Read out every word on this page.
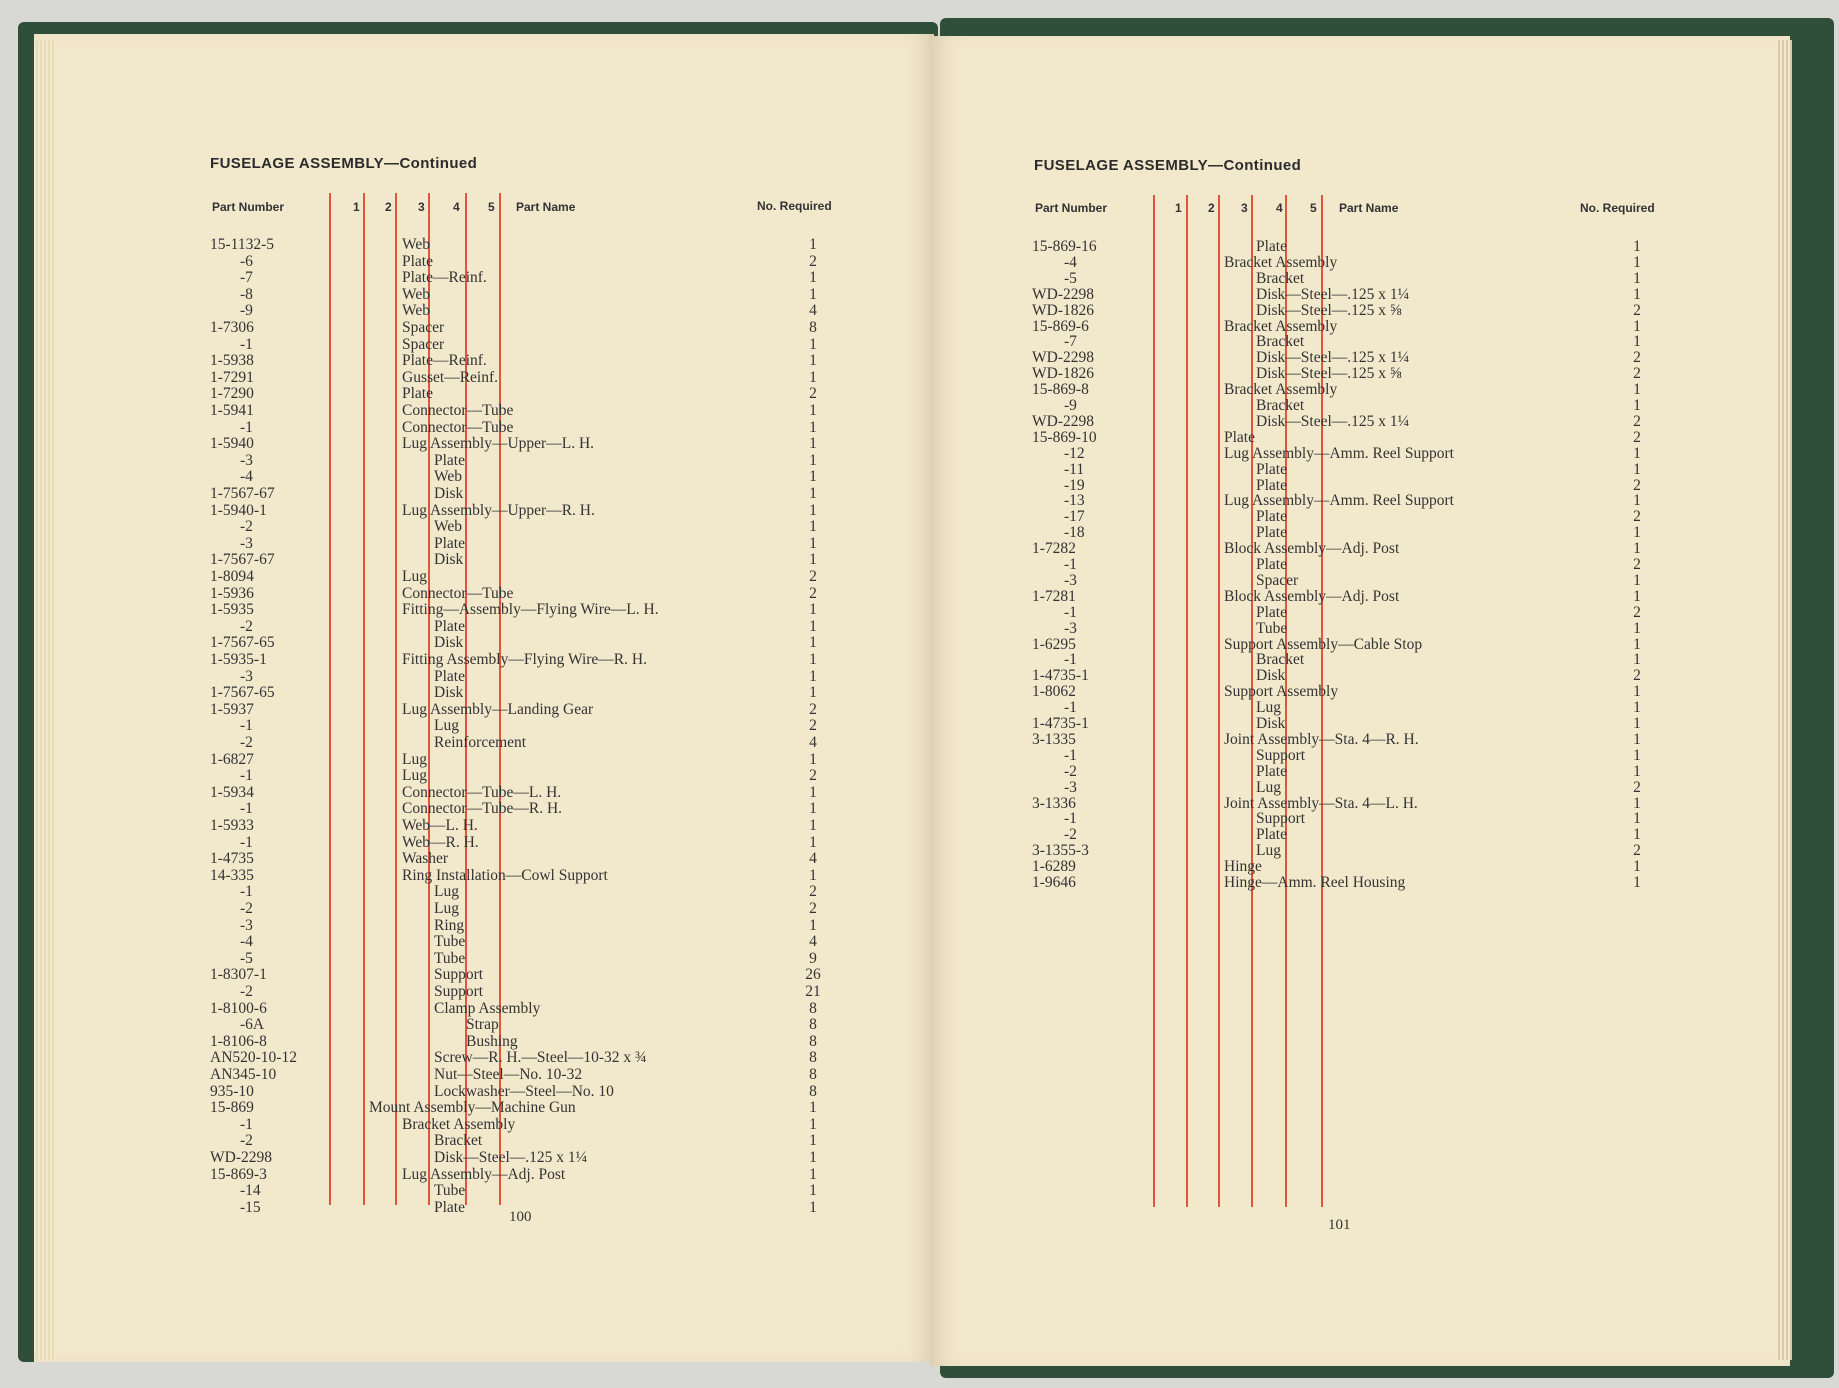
FUSELAGE ASSEMBLY—Continued
Part Number	1 2 3 4 5 Part Name	No. Required
15-1132-5	Web	1
-6	Plate	2
-7	Plate—Reinf.	1
-8	Web	1
-9	Web	4
1-7306	Spacer	8
-1	Spacer	1
1-5938	Plate—Reinf.	1
1-7291	Gusset—Reinf.	1
1-7290	Plate	2
1-5941	Connector—Tube	1
-1	Connector—Tube	1
1-5940	Lug Assembly—Upper—L. H.	1
-3	Plate	1
-4	Web	1
1-7567-67	Disk	1
1-5940-1	Lug Assembly—Upper—R. H.	1
-2	Web	1
-3	Plate	1
1-7567-67	Disk	1
1-8094	Lug	2
1-5936	Connector—Tube	2
1-5935	Fitting—Assembly—Flying Wire—L. H.	1
-2	Plate	1
1-7567-65	Disk	1
1-5935-1	Fitting Assembly—Flying Wire—R. H.	1
-3	Plate	1
1-7567-65	Disk	1
1-5937	Lug Assembly—Landing Gear	2
-1	Lug	2
-2	Reinforcement	4
1-6827	Lug	1
-1	Lug	2
1-5934	Connector—Tube—L. H.	1
-1	Connector—Tube—R. H.	1
1-5933	Web—L. H.	1
-1	Web—R. H.	1
1-4735	Washer	4
14-335	Ring Installation—Cowl Support	1
-1	Lug	2
-2	Lug	2
-3	Ring	1
-4	Tube	4
-5	Tube	9
1-8307-1	Support	26
-2	Support	21
1-8100-6	Clamp Assembly	8
-6A	Strap	8
1-8106-8	Bushing	8
AN520-10-12	Screw—R. H.—Steel—10-32 x ¾	8
AN345-10	Nut—Steel—No. 10-32	8
935-10	Lockwasher—Steel—No. 10	8
15-869	Mount Assembly—Machine Gun	1
-1	Bracket Assembly	1
-2	Bracket	1
WD-2298	Disk—Steel—.125 x 1¼	1
15-869-3	Lug Assembly—Adj. Post	1
-14	Tube	1
-15	Plate	1
100
FUSELAGE ASSEMBLY—Continued
Part Number	1 2 3 4 5 Part Name	No. Required
15-869-16	Plate	1
-4	Bracket Assembly	1
-5	Bracket	1
WD-2298	Disk—Steel—.125 x 1¼	1
WD-1826	Disk—Steel—.125 x ⅝	2
15-869-6	Bracket Assembly	1
-7	Bracket	1
WD-2298	Disk—Steel—.125 x 1¼	2
WD-1826	Disk—Steel—.125 x ⅝	2
15-869-8	Bracket Assembly	1
-9	Bracket	1
WD-2298	Disk—Steel—.125 x 1¼	2
15-869-10	Plate	2
-12	Lug Assembly—Amm. Reel Support	1
-11	Plate	1
-19	Plate	2
-13	Lug Assembly—Amm. Reel Support	1
-17	Plate	2
-18	Plate	1
1-7282	Block Assembly—Adj. Post	1
-1	Plate	2
-3	Spacer	1
1-7281	Block Assembly—Adj. Post	1
-1	Plate	2
-3	Tube	1
1-6295	Support Assembly—Cable Stop	1
-1	Bracket	1
1-4735-1	Disk	2
1-8062	Support Assembly	1
-1	Lug	1
1-4735-1	Disk	1
3-1335	Joint Assembly—Sta. 4—R. H.	1
-1	Support	1
-2	Plate	1
-3	Lug	2
3-1336	Joint Assembly—Sta. 4—L. H.	1
-1	Support	1
-2	Plate	1
3-1355-3	Lug	2
1-6289	Hinge	1
1-9646	Hinge—Amm. Reel Housing	1
101
